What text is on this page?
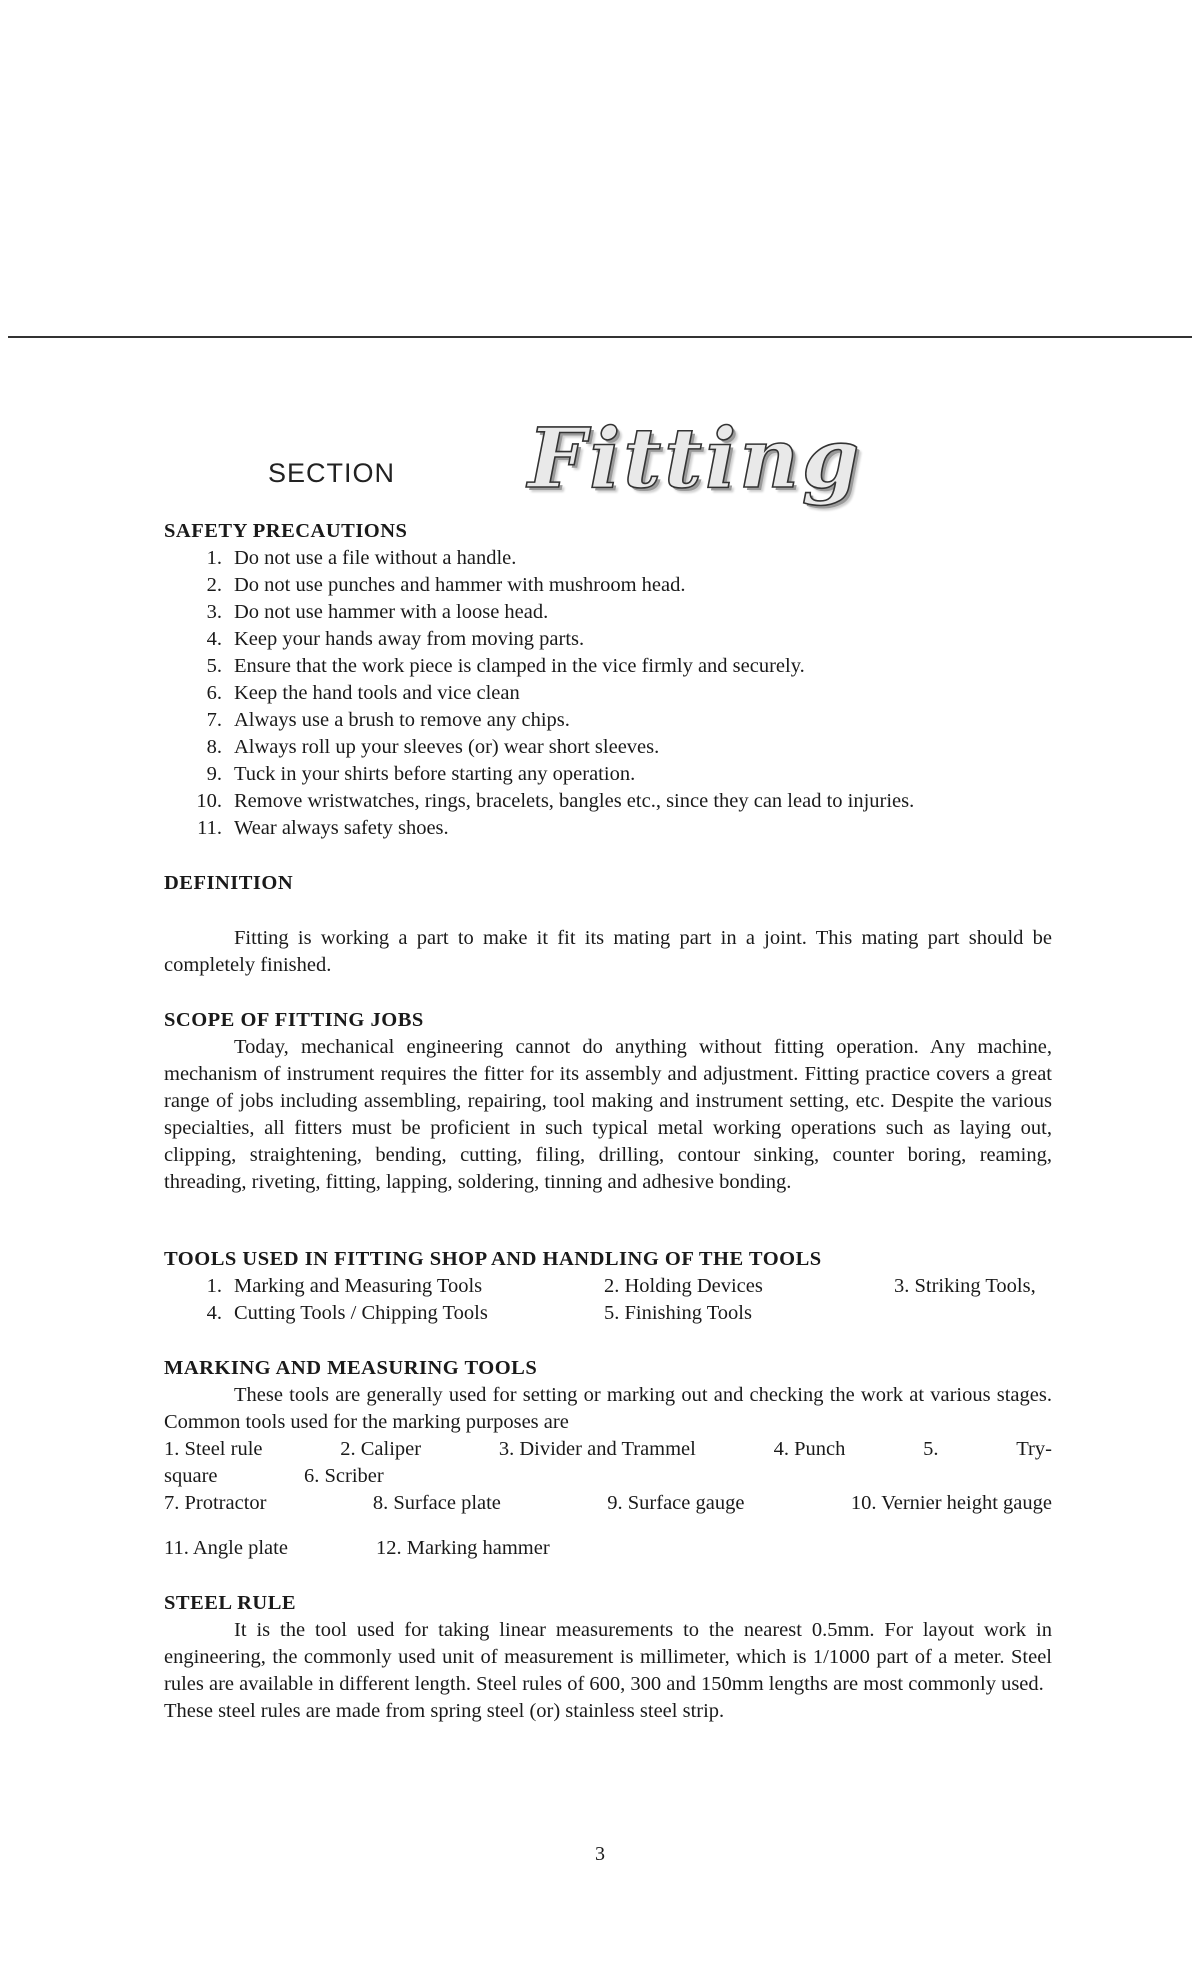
SECTION Fitting
SAFETY PRECAUTIONS
1. Do not use a file without a handle.
2. Do not use punches and hammer with mushroom head.
3. Do not use hammer with a loose head.
4. Keep your hands away from moving parts.
5. Ensure that the work piece is clamped in the vice firmly and securely.
6. Keep the hand tools and vice clean
7. Always use a brush to remove any chips.
8. Always roll up your sleeves (or) wear short sleeves.
9. Tuck in your shirts before starting any operation.
10. Remove wristwatches, rings, bracelets, bangles etc., since they can lead to injuries.
11. Wear always safety shoes.
DEFINITION

Fitting is working a part to make it fit its mating part in a joint. This mating part should be completely finished.

SCOPE OF FITTING JOBS

Today, mechanical engineering cannot do anything without fitting operation. Any machine, mechanism of instrument requires the fitter for its assembly and adjustment. Fitting practice covers a great range of jobs including assembling, repairing, tool making and instrument setting, etc. Despite the various specialties, all fitters must be proficient in such typical metal working operations such as laying out, clipping, straightening, bending, cutting, filing, drilling, contour sinking, counter boring, reaming, threading, riveting, fitting, lapping, soldering, tinning and adhesive bonding.

TOOLS USED IN FITTING SHOP AND HANDLING OF THE TOOLS
1. Marking and Measuring Tools	2. Holding Devices	3. Striking Tools,
4. Cutting Tools / Chipping Tools	5. Finishing Tools
MARKING AND MEASURING TOOLS

These tools are generally used for setting or marking out and checking the work at various stages. Common tools used for the marking purposes are

1. Steel rule	2. Caliper	3. Divider and Trammel	4. Punch	5.	Try-
square	6. Scriber
7. Protractor	8. Surface plate	9. Surface gauge	10. Vernier height gauge
11. Angle plate	12. Marking hammer
STEEL RULE

It is the tool used for taking linear measurements to the nearest 0.5mm. For layout work in engineering, the commonly used unit of measurement is millimeter, which is 1/1000 part of a meter. Steel rules are available in different length. Steel rules of 600, 300 and 150mm lengths are most commonly used.

These steel rules are made from spring steel (or) stainless steel strip.

3
